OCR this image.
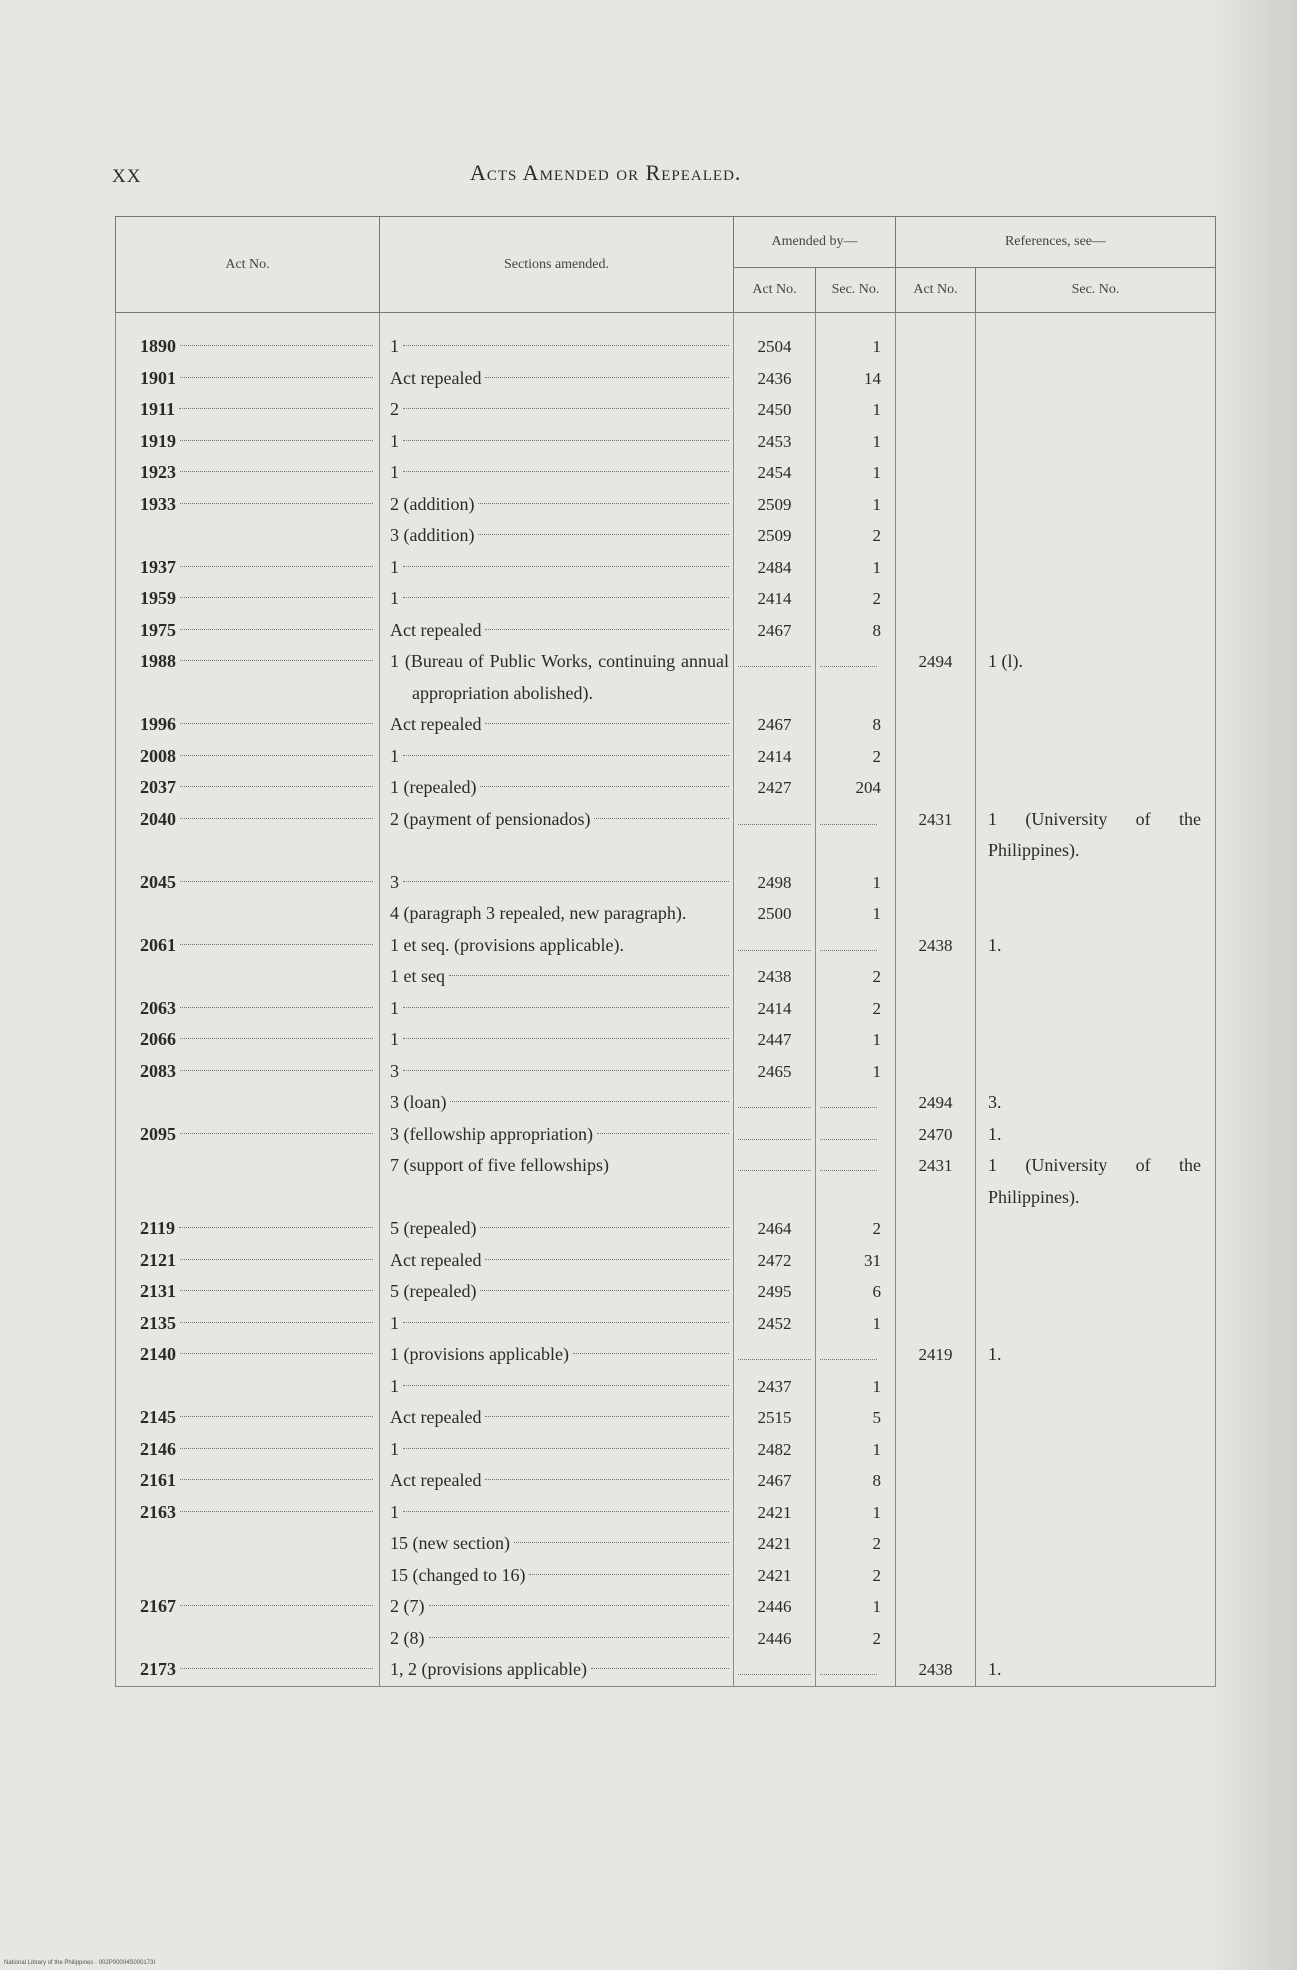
XX	Acts Amended or Repealed.
Act No.	Sections amended.	Amended by—		References, see—	
		Act No.	Sec. No.	Act No.	Sec. No.

1890	1	2504	1		

1901	Act repealed	2436	14		

1911	2	2450	1		

1919	1	2453	1		

1923	1	2454	1		

1933	2 (addition)	2509	1		

	3 (addition)	2509	2		

1937	1	2484	1		

1959	1	2414	2		

1975	Act repealed	2467	8		

1988	1 (Bureau of Public Works, continuing annual appropriation abolished).			2494	1 (l).

1996	Act repealed	2467	8		

2008	1	2414	2		

2037	1 (repealed)	2427	204		

2040	2 (payment of pensionados)			2431	1 (University of the Philippines).

2045	3	2498	1		

	4 (paragraph 3 repealed, new paragraph).	2500	1		

2061	1 et seq. (provisions applicable).			2438	1.

	1 et seq	2438	2		

2063	1	2414	2		

2066	1	2447	1		

2083	3	2465	1		

	3 (loan)			2494	3.

2095	3 (fellowship appropriation)			2470	1.

	7 (support of five fellowships)			2431	1 (University of the Philippines).

2119	5 (repealed)	2464	2		

2121	Act repealed	2472	31		

2131	5 (repealed)	2495	6		

2135	1	2452	1		

2140	1 (provisions applicable)			2419	1.

	1	2437	1		

2145	Act repealed	2515	5		

2146	1	2482	1		

2161	Act repealed	2467	8		

2163	1	2421	1		

	15 (new section)	2421	2		

	15 (changed to 16)	2421	2		

2167	2 (7)	2446	1		

	2 (8)	2446	2		

2173	1, 2 (provisions applicable)			2438	1.
National Library of the Philippines · 002P00004S000173I
